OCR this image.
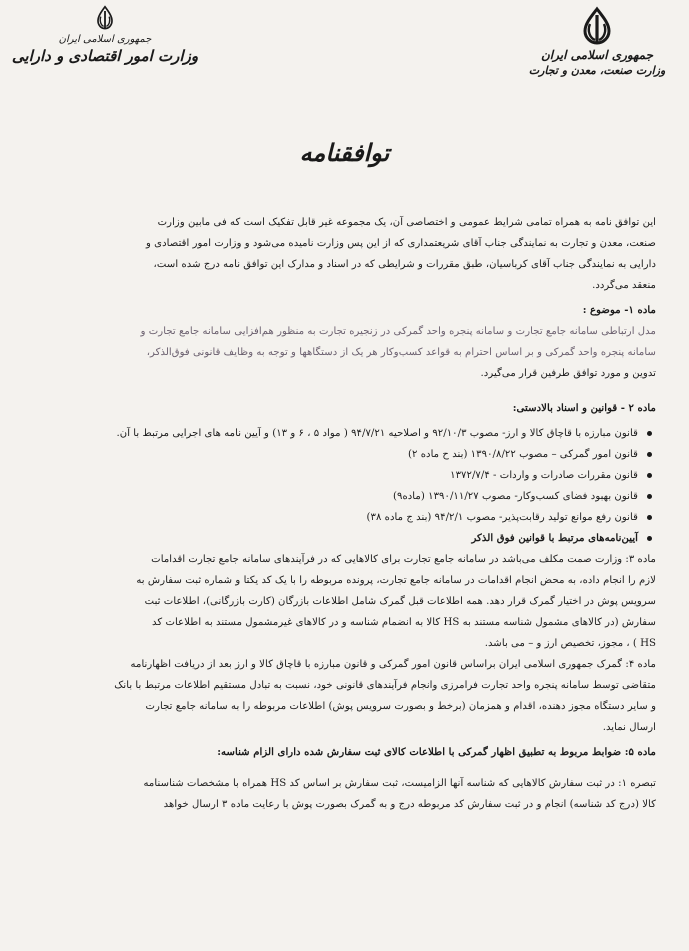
جمهوری اسلامی ایران
وزارت امور اقتصادی و دارایی	جمهوری اسلامی ایران
وزارت صنعت، معدن و تجارت
توافقنامه

این توافق نامه به همراه تمامی شرایط عمومی و اختصاصی آن، یک مجموعه غیر قابل تفکیک است که فی مابین وزارت

صنعت، معدن و تجارت به نمایندگی جناب آقای شریعتمداری که از این پس وزارت نامیده می‌شود و وزارت امور اقتصادی و

دارایی به نمایندگی جناب آقای کرباسیان، طبق مقررات و شرایطی که در اسناد و مدارک این توافق نامه درج شده است،

منعقد می‌گردد.

ماده ۱- موضوع :

مدل ارتباطی سامانه جامع تجارت و سامانه پنجره واحد گمرکی در زنجیره تجارت به منظور هم‌افزایی سامانه جامع تجارت و

سامانه پنجره واحد گمرکی و بر اساس احترام به قواعد کسب‌وکار هر یک از دستگاهها و توجه به وظایف قانونی فوق‌الذکر،

تدوین و مورد توافق طرفین قرار می‌گیرد.

ماده ۲ - قوانین و اسناد بالادستی:

قانون مبارزه با قاچاق کالا و ارز- مصوب ۹۲/۱۰/۳ و اصلاحیه ۹۴/۷/۲۱ ( مواد ۵ ، ۶ و ۱۳) و آیین نامه های اجرایی مرتبط با آن.
قانون امور گمرکی – مصوب ۱۳۹۰/۸/۲۲ (بند ح ماده ۲)
قانون مقررات صادرات و واردات - ۱۳۷۲/۷/۴
قانون بهبود فضای کسب‌وکار- مصوب ۱۳۹۰/۱۱/۲۷ (ماده۹)
قانون رفع موانع تولید رقابت‌پذیر- مصوب ۹۴/۲/۱ (بند ج ماده ۳۸)
آیین‌نامه‌های مرتبط با قوانین فوق الذکر

ماده ۳: وزارت صمت مکلف می‌باشد در سامانه جامع تجارت برای کالاهایی که در فرآیندهای سامانه جامع تجارت اقدامات

لازم را انجام داده، به محض انجام اقدامات در سامانه جامع تجارت، پرونده مربوطه را با یک کد یکتا و شماره ثبت سفارش به

سرویس پوش در اختیار گمرک قرار دهد. همه اطلاعات قبل گمرک شامل اطلاعات بازرگان (کارت بازرگانی)، اطلاعات ثبت

سفارش (در کالاهای مشمول شناسه مستند به HS کالا به انضمام شناسه و در کالاهای غیرمشمول مستند به اطلاعات کد

HS ) ، مجوز، تخصیص ارز و – می باشد.

ماده ۴: گمرک جمهوری اسلامی ایران براساس قانون امور گمرکی و قانون مبارزه با قاچاق کالا و ارز بعد از دریافت اظهارنامه

متقاضی توسط سامانه پنجره واحد تجارت فرامرزی وانجام فرآیندهای قانونی خود، نسبت به تبادل مستقیم اطلاعات مرتبط با بانک

و سایر دستگاه مجوز دهنده، اقدام و همزمان (برخط و بصورت سرویس پوش) اطلاعات مربوطه را به سامانه جامع تجارت

ارسال نماید.

ماده ۵: ضوابط مربوط به تطبیق اظهار گمرکی با اطلاعات کالای ثبت سفارش شده دارای الزام شناسه:

تبصره ۱: در ثبت سفارش کالاهایی که شناسه آنها الزامیست، ثبت سفارش بر اساس کد HS همراه با مشخصات شناسنامه

کالا (درج کد شناسه) انجام و در ثبت سفارش کد مربوطه درج و به گمرک بصورت پوش با رعایت ماده ۳ ارسال خواهد
